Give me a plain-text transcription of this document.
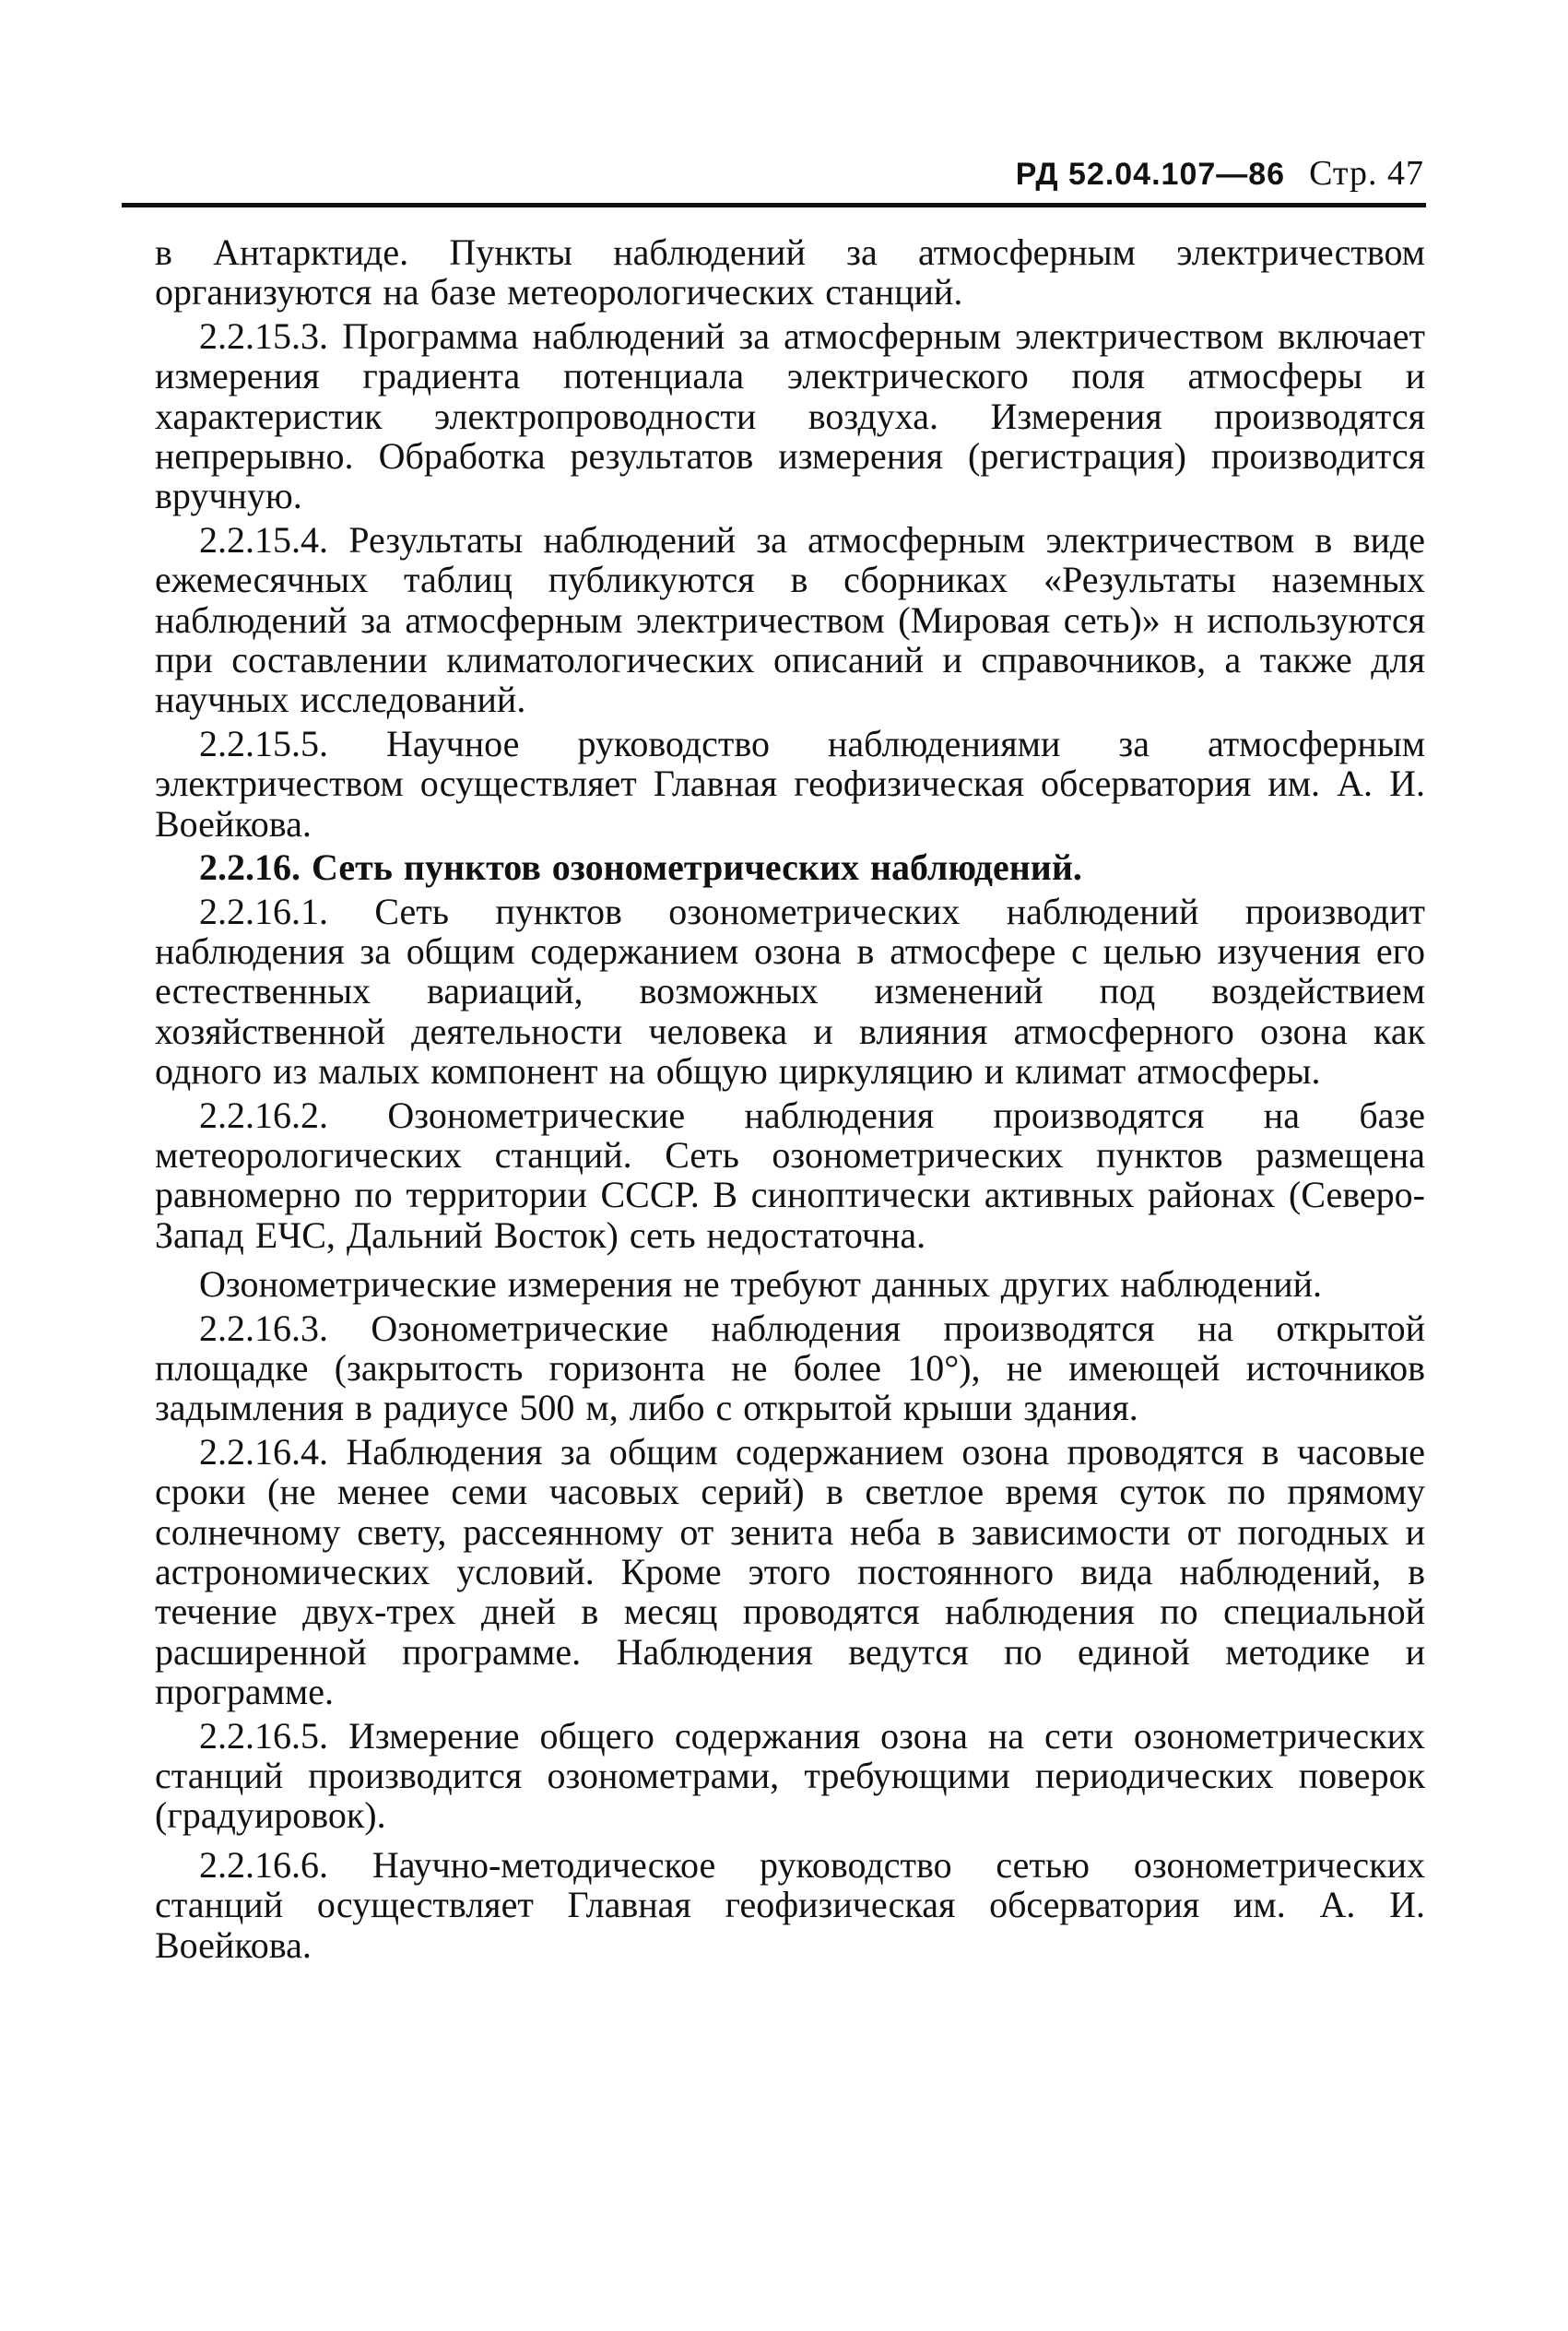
РД 52.04.107—86 Стр. 47

в Антарктиде. Пункты наблюдений за атмосферным электричеством организуются на базе метеорологических станций.

2.2.15.3. Программа наблюдений за атмосферным электричеством включает измерения градиента потенциала электрического поля атмосферы и характеристик электропроводности воздуха. Измерения производятся непрерывно. Обработка результатов измерения (регистрация) производится вручную.

2.2.15.4. Результаты наблюдений за атмосферным электричеством в виде ежемесячных таблиц публикуются в сборниках «Результаты наземных наблюдений за атмосферным электричеством (Мировая сеть)» н используются при составлении климатологических описаний и справочников, а также для научных исследований.

2.2.15.5. Научное руководство наблюдениями за атмосферным электричеством осуществляет Главная геофизическая обсерватория им. А. И. Воейкова.

2.2.16. Сеть пунктов озонометрических наблюдений.

2.2.16.1. Сеть пунктов озонометрических наблюдений производит наблюдения за общим содержанием озона в атмосфере с целью изучения его естественных вариаций, возможных изменений под воздействием хозяйственной деятельности человека и влияния атмосферного озона как одного из малых компонент на общую циркуляцию и климат атмосферы.

2.2.16.2. Озонометрические наблюдения производятся на базе метеорологических станций. Сеть озонометрических пунктов размещена равномерно по территории СССР. В синоптически активных районах (Северо-Запад ЕЧС, Дальний Восток) сеть недостаточна.

Озонометрические измерения не требуют данных других наблюдений.

2.2.16.3. Озонометрические наблюдения производятся на открытой площадке (закрытость горизонта не более 10°), не имеющей источников задымления в радиусе 500 м, либо с открытой крыши здания.

2.2.16.4. Наблюдения за общим содержанием озона проводятся в часовые сроки (не менее семи часовых серий) в светлое время суток по прямому солнечному свету, рассеянному от зенита неба в зависимости от погодных и астрономических условий. Кроме этого постоянного вида наблюдений, в течение двух-трех дней в месяц проводятся наблюдения по специальной расширенной программе. Наблюдения ведутся по единой методике и программе.

2.2.16.5. Измерение общего содержания озона на сети озонометрических станций производится озонометрами, требующими периодических поверок (градуировок).

2.2.16.6. Научно-методическое руководство сетью озонометрических станций осуществляет Главная геофизическая обсерватория им. А. И. Воейкова.
